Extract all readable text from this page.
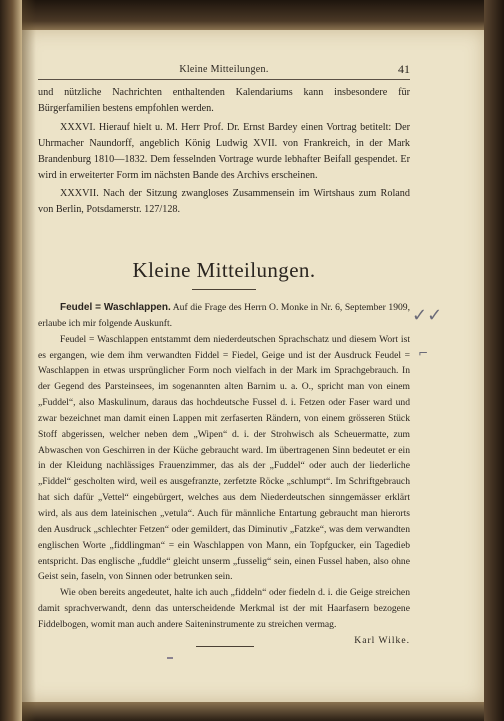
Kleine Mitteilungen.	41

und nützliche Nachrichten enthaltenden Kalendariums kann insbesondere für Bürgerfamilien bestens empfohlen werden.

XXXVI. Hierauf hielt u. M. Herr Prof. Dr. Ernst Bardey einen Vortrag betitelt: Der Uhrmacher Naundorff, angeblich König Ludwig XVII. von Frankreich, in der Mark Brandenburg 1810—1832. Dem fesselnden Vortrage wurde lebhafter Beifall gespendet. Er wird in erweiterter Form im nächsten Bande des Archivs erscheinen.

XXXVII. Nach der Sitzung zwangloses Zusammensein im Wirtshaus zum Roland von Berlin, Potsdamerstr. 127/128.

Kleine Mitteilungen.

Feudel = Waschlappen. Auf die Frage des Herrn O. Monke in Nr. 6, September 1909, erlaube ich mir folgende Auskunft.

Feudel = Waschlappen entstammt dem niederdeutschen Sprachschatz und diesem Wort ist es ergangen, wie dem ihm verwandten Fiddel = Fiedel, Geige und ist der Ausdruck Feudel = Waschlappen in etwas ursprünglicher Form noch vielfach in der Mark im Sprachgebrauch. In der Gegend des Parsteinsees, im sogenannten alten Barnim u. a. O., spricht man von einem „Fuddel“, also Maskulinum, daraus das hochdeutsche Fussel d. i. Fetzen oder Faser ward und zwar bezeichnet man damit einen Lappen mit zerfaserten Rändern, von einem grösseren Stück Stoff abgerissen, welcher neben dem „Wipen“ d. i. der Strohwisch als Scheuermatte, zum Abwaschen von Geschirren in der Küche gebraucht ward. Im übertragenen Sinn bedeutet er ein in der Kleidung nachlässiges Frauenzimmer, das als der „Fuddel“ oder auch der liederliche „Fiddel“ gescholten wird, weil es ausgefranzte, zerfetzte Röcke „schlumpt“. Im Schriftgebrauch hat sich dafür „Vettel“ eingebürgert, welches aus dem Niederdeutschen sinngemässer erklärt wird, als aus dem lateinischen „vetula“. Auch für männliche Entartung gebraucht man hierorts den Ausdruck „schlechter Fetzen“ oder gemildert, das Diminutiv „Fatzke“, was dem verwandten englischen Worte „fiddlingman“ = ein Waschlappen von Mann, ein Topfgucker, ein Tagedieb entspricht. Das englische „fuddle“ gleicht unserm „fusselig“ sein, einen Fussel haben, also ohne Geist sein, faseln, von Sinnen oder betrunken sein.

Wie oben bereits angedeutet, halte ich auch „fiddeln“ oder fiedeln d. i. die Geige streichen damit sprachverwandt, denn das unterscheidende Merkmal ist der mit Haarfasern bezogene Fiddelbogen, womit man auch andere Saiteninstrumente zu streichen vermag.
Karl Wilke.

✓✓
⌐
